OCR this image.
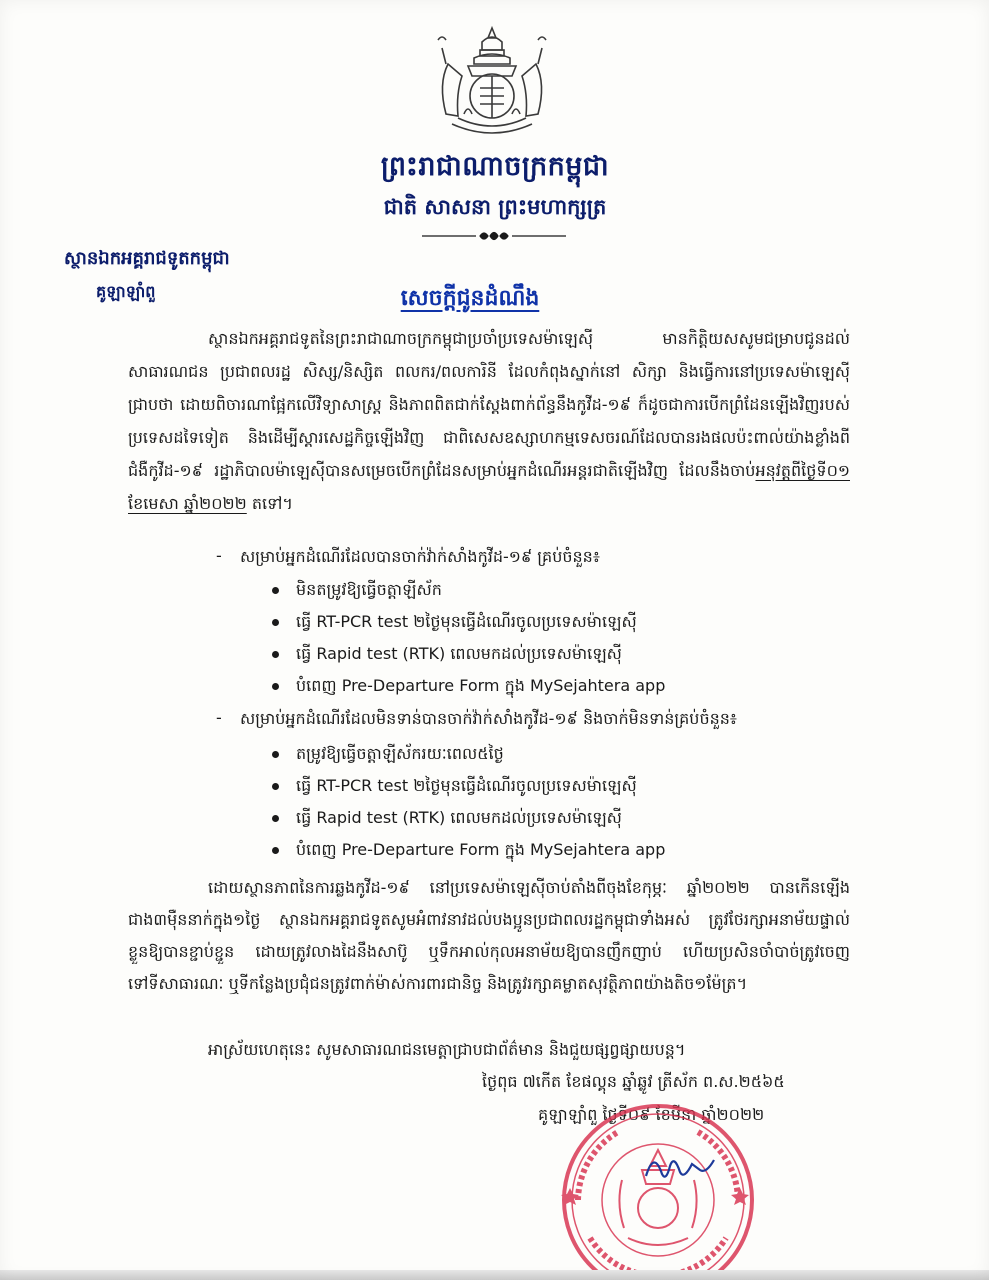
ព្រះរាជាណាចក្រកម្ពុជា
ជាតិ សាសនា ព្រះមហាក្សត្រ
ស្ថានឯកអគ្គរាជទូតកម្ពុជា
គូឡាឡាំពួ	សេចក្តីជូនដំណឹង
ស្ថានឯកអគ្គរាជទូតនៃព្រះរាជាណាចក្រកម្ពុជាប្រចាំប្រទេសម៉ាឡេស៊ី មានកិត្តិយសសូមជម្រាបជូនដល់សាធារណជន ប្រជាពលរដ្ឋ សិស្ស/និស្សិត ពលករ/ពលការិនី ដែលកំពុងស្នាក់នៅ សិក្សា និងធ្វើការនៅប្រទេសម៉ាឡេស៊ីជ្រាបថា ដោយពិចារណាផ្អែកលើវិទ្យាសាស្ត្រ និងភាពពិតជាក់ស្តែងពាក់ព័ន្ធនឹងកូវីដ-១៩ ក៏ដូចជាការបើកព្រំដែនឡើងវិញរបស់ប្រទេសដទៃទៀត និងដើម្បីស្តារសេដ្ឋកិច្ចឡើងវិញ ជាពិសេសឧស្សាហកម្មទេសចរណ៍ដែលបានរងផលប៉ះពាល់យ៉ាងខ្លាំងពីជំងឺកូវីដ-១៩ រដ្ឋាភិបាលម៉ាឡេស៊ីបានសម្រេចបើកព្រំដែនសម្រាប់អ្នកដំណើរអន្តរជាតិឡើងវិញ ដែលនឹងចាប់អនុវត្តពីថ្ងៃទី០១ ខែមេសា ឆ្នាំ២០២២ តទៅ។
- សម្រាប់អ្នកដំណើរដែលបានចាក់វ៉ាក់សាំងកូវីដ-១៩ គ្រប់ចំនួន៖
មិនតម្រូវឱ្យធ្វើចត្តាឡីស័ក
ធ្វើ RT-PCR test ២ថ្ងៃមុនធ្វើដំណើរចូលប្រទេសម៉ាឡេស៊ី
ធ្វើ Rapid test (RTK) ពេលមកដល់ប្រទេសម៉ាឡេស៊ី
បំពេញ Pre-Departure Form ក្នុង MySejahtera app
- សម្រាប់អ្នកដំណើរដែលមិនទាន់បានចាក់វ៉ាក់សាំងកូវីដ-១៩ និងចាក់មិនទាន់គ្រប់ចំនួន៖
តម្រូវឱ្យធ្វើចត្តាឡីស័ករយៈពេល៥ថ្ងៃ
ធ្វើ RT-PCR test ២ថ្ងៃមុនធ្វើដំណើរចូលប្រទេសម៉ាឡេស៊ី
ធ្វើ Rapid test (RTK) ពេលមកដល់ប្រទេសម៉ាឡេស៊ី
បំពេញ Pre-Departure Form ក្នុង MySejahtera app
ដោយស្ថានភាពនៃការឆ្លងកូវីដ-១៩ នៅប្រទេសម៉ាឡេស៊ីចាប់តាំងពីចុងខែកុម្ភៈ ឆ្នាំ២០២២ បានកើនឡើងជាង៣ម៉ឺននាក់ក្នុង១ថ្ងៃ ស្ថានឯកអគ្គរាជទូតសូមអំពាវនាវដល់បងប្អូនប្រជាពលរដ្ឋកម្ពុជាទាំងអស់ ត្រូវថែរក្សាអនាម័យផ្ទាល់ខ្លួនឱ្យបានខ្ជាប់ខ្ជួន ដោយត្រូវលាងដៃនឹងសាប៊ូ ឬទឹកអាល់កុលអនាម័យឱ្យបានញឹកញាប់ ហើយប្រសិនចាំបាច់ត្រូវចេញទៅទីសាធារណៈ ឬទីកន្លែងប្រជុំជនត្រូវពាក់ម៉ាស់ការពារជានិច្ច និងត្រូវរក្សាគម្លាតសុវត្ថិភាពយ៉ាងតិច១ម៉ែត្រ។
អាស្រ័យហេតុនេះ សូមសាធារណជនមេត្តាជ្រាបជាព័ត៌មាន និងជួយផ្សព្វផ្សាយបន្ត។
ថ្ងៃពុធ ៧កើត ខែផល្គុន ឆ្នាំឆ្លូវ ត្រីស័ក ព.ស.២៥៦៥
គូឡាឡាំពួ ថ្ងៃទី០៩ ខែមីនា ឆ្នាំ២០២២
